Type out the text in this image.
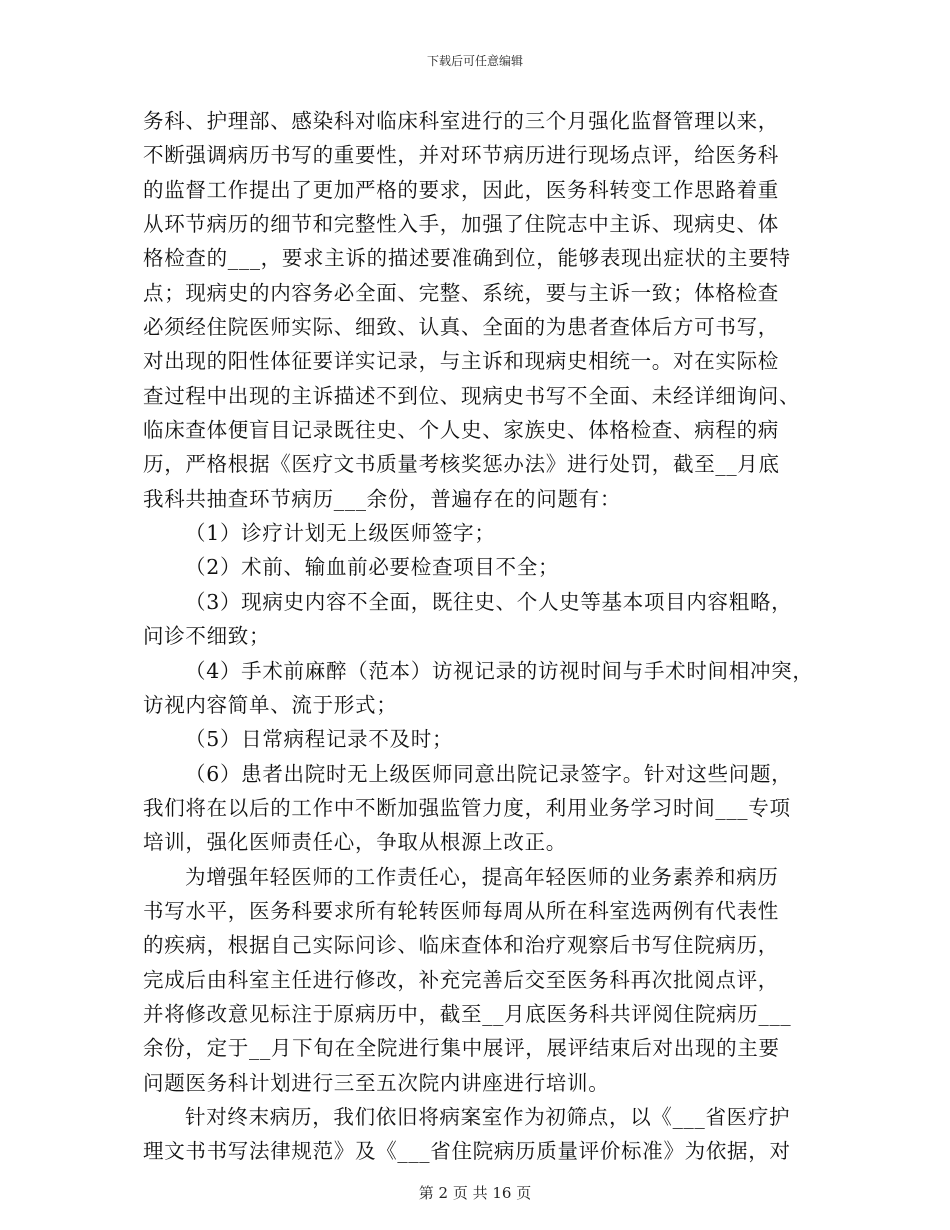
下载后可任意编辑
务科、护理部、感染科对临床科室进行的三个月强化监督管理以来，
不断强调病历书写的重要性，并对环节病历进行现场点评，给医务科
的监督工作提出了更加严格的要求，因此，医务科转变工作思路着重
从环节病历的细节和完整性入手，加强了住院志中主诉、现病史、体
格检查的___，要求主诉的描述要准确到位，能够表现出症状的主要特
点；现病史的内容务必全面、完整、系统，要与主诉一致；体格检查
必须经住院医师实际、细致、认真、全面的为患者查体后方可书写，
对出现的阳性体征要详实记录，与主诉和现病史相统一。对在实际检
查过程中出现的主诉描述不到位、现病史书写不全面、未经详细询问、
临床查体便盲目记录既往史、个人史、家族史、体格检查、病程的病
历，严格根据《医疗文书质量考核奖惩办法》进行处罚，截至__月底
我科共抽查环节病历___余份，普遍存在的问题有：
（1）诊疗计划无上级医师签字；
（2）术前、输血前必要检查项目不全；
（3）现病史内容不全面，既往史、个人史等基本项目内容粗略，
问诊不细致；
（4）手术前麻醉（范本）访视记录的访视时间与手术时间相冲突，
访视内容简单、流于形式；
（5）日常病程记录不及时；
（6）患者出院时无上级医师同意出院记录签字。针对这些问题，
我们将在以后的工作中不断加强监管力度，利用业务学习时间___专项
培训，强化医师责任心，争取从根源上改正。
为增强年轻医师的工作责任心，提高年轻医师的业务素养和病历
书写水平，医务科要求所有轮转医师每周从所在科室选两例有代表性
的疾病，根据自己实际问诊、临床查体和治疗观察后书写住院病历，
完成后由科室主任进行修改，补充完善后交至医务科再次批阅点评，
并将修改意见标注于原病历中，截至__月底医务科共评阅住院病历___
余份，定于__月下旬在全院进行集中展评，展评结束后对出现的主要
问题医务科计划进行三至五次院内讲座进行培训。
针对终末病历，我们依旧将病案室作为初筛点，以《___省医疗护
理文书书写法律规范》及《___省住院病历质量评价标准》为依据，对
第 2 页 共 16 页
